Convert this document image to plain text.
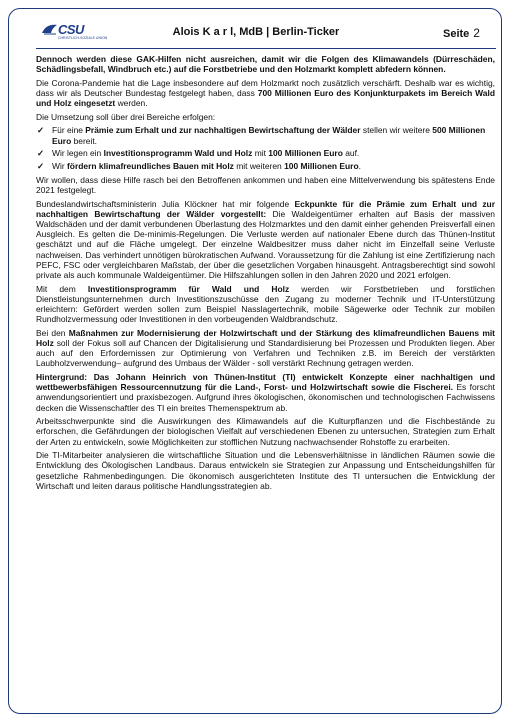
CSU
CHRISTLICH-SOZIALE UNION	Alois K a r l, MdB | Berlin-Ticker	Seite 2

Dennoch werden diese GAK-Hilfen nicht ausreichen, damit wir die Folgen des Klimawandels (Dürreschäden, Schädlingsbefall, Windbruch etc.) auf die Forstbetriebe und den Holzmarkt komplett abfedern können.

Die Corona-Pandemie hat die Lage insbesondere auf dem Holzmarkt noch zusätzlich verschärft. Deshalb war es wichtig, dass wir als Deutscher Bundestag festgelegt haben, dass 700 Millionen Euro des Konjunkturpakets im Bereich Wald und Holz eingesetzt werden.

Die Umsetzung soll über drei Bereiche erfolgen:

✓ Für eine Prämie zum Erhalt und zur nachhaltigen Bewirtschaftung der Wälder stellen wir weitere 500 Millionen Euro bereit.
✓ Wir legen ein Investitionsprogramm Wald und Holz mit 100 Millionen Euro auf.
✓ Wir fördern klimafreundliches Bauen mit Holz mit weiteren 100 Millionen Euro.

Wir wollen, dass diese Hilfe rasch bei den Betroffenen ankommen und haben eine Mittelverwendung bis spätestens Ende 2021 festgelegt.

Bundeslandwirtschaftsministerin Julia Klöckner hat mir folgende Eckpunkte für die Prämie zum Erhalt und zur nachhaltigen Bewirtschaftung der Wälder vorgestellt: Die Waldeigentümer erhalten auf Basis der massiven Waldschäden und der damit verbundenen Überlastung des Holzmarktes und den damit einher gehenden Preisverfall einen Ausgleich. Es gelten die De-minimis-Regelungen. Die Verluste werden auf nationaler Ebene durch das Thünen-Institut geschätzt und auf die Fläche umgelegt. Der einzelne Waldbesitzer muss daher nicht im Einzelfall seine Verluste nachweisen. Das verhindert unnötigen bürokratischen Aufwand. Voraussetzung für die Zahlung ist eine Zertifizierung nach PEFC, FSC oder vergleichbaren Maßstab, der über die gesetzlichen Vorgaben hinausgeht. Antragsberechtigt sind sowohl private als auch kommunale Waldeigentümer. Die Hilfszahlungen sollen in den Jahren 2020 und 2021 erfolgen.

Mit dem Investitionsprogramm für Wald und Holz werden wir Forstbetrieben und forstlichen Dienstleistungsunternehmen durch Investitionszuschüsse den Zugang zu moderner Technik und IT-Unterstützung erleichtern: Gefördert werden sollen zum Beispiel Nasslagertechnik, mobile Sägewerke oder Technik zur mobilen Rundholzvermessung oder Investitionen in den vorbeugenden Waldbrandschutz.

Bei den Maßnahmen zur Modernisierung der Holzwirtschaft und der Stärkung des klimafreundlichen Bauens mit Holz soll der Fokus soll auf Chancen der Digitalisierung und Standardisierung bei Prozessen und Produkten liegen. Aber auch auf den Erfordernissen zur Optimierung von Verfahren und Techniken z.B. im Bereich der verstärkten Laubholzverwendung– aufgrund des Umbaus der Wälder - soll verstärkt Rechnung getragen werden.

Hintergrund: Das Johann Heinrich von Thünen-Institut (TI) entwickelt Konzepte einer nachhaltigen und wettbewerbsfähigen Ressourcennutzung für die Land-, Forst- und Holzwirtschaft sowie die Fischerei. Es forscht anwendungsorientiert und praxisbezogen. Aufgrund ihres ökologischen, ökonomischen und technologischen Fachwissens decken die Wissenschaftler des TI ein breites Themenspektrum ab.

Arbeitsschwerpunkte sind die Auswirkungen des Klimawandels auf die Kulturpflanzen und die Fischbestände zu erforschen, die Gefährdungen der biologischen Vielfalt auf verschiedenen Ebenen zu untersuchen, Strategien zum Erhalt der Arten zu entwickeln, sowie Möglichkeiten zur stofflichen Nutzung nachwachsender Rohstoffe zu erarbeiten.

Die TI-Mitarbeiter analysieren die wirtschaftliche Situation und die Lebensverhältnisse in ländlichen Räumen sowie die Entwicklung des Ökologischen Landbaus. Daraus entwickeln sie Strategien zur Anpassung und Entscheidungshilfen für gesetzliche Rahmenbedingungen. Die ökonomisch ausgerichteten Institute des TI untersuchen die Entwicklung der Wirtschaft und leiten daraus politische Handlungsstrategien ab.
